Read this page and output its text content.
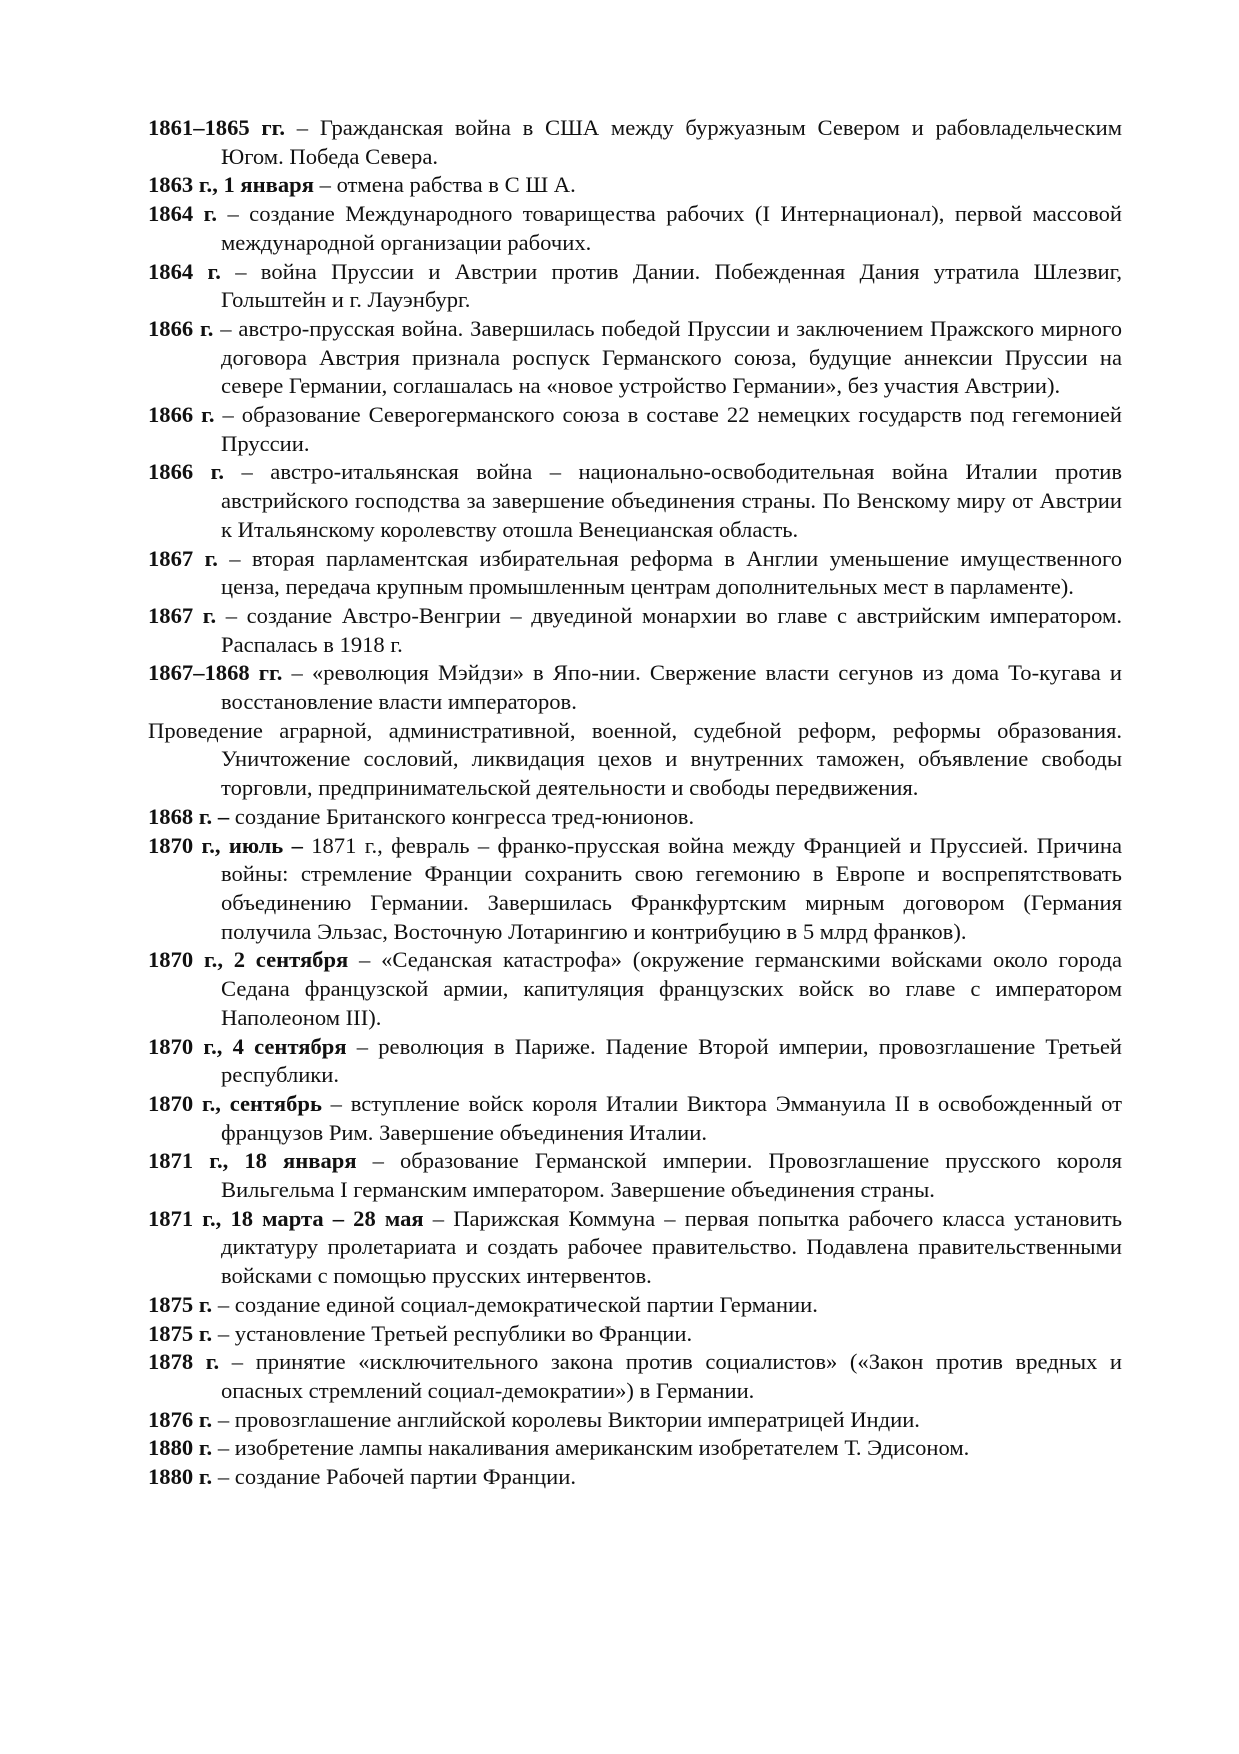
1861–1865 гг. – Гражданская война в США между буржуазным Севером и рабовладельческим Югом. Победа Севера.

1863 г., 1 января – отмена рабства в С Ш А.

1864 г. – создание Международного товарищества рабочих (I Интернационал), первой массовой международной организации рабочих.

1864 г. – война Пруссии и Австрии против Дании. Побежденная Дания утратила Шлезвиг, Гольштейн и г. Лауэнбург.

1866 г. – австро-прусская война. Завершилась победой Пруссии и заключением Пражского мирного договора Австрия признала роспуск Германского союза, будущие аннексии Пруссии на севере Германии, соглашалась на «новое устройство Германии», без участия Австрии).

1866 г. – образование Северогерманского союза в составе 22 немецких государств под гегемонией Пруссии.

1866 г. – австро-итальянская война – национально-освободительная война Италии против австрийского господства за завершение объединения страны. По Венскому миру от Австрии к Итальянскому королевству отошла Венецианская область.

1867 г. – вторая парламентская избирательная реформа в Англии уменьшение имущественного ценза, передача крупным промышленным центрам дополнительных мест в парламенте).

1867 г. – создание Австро-Венгрии – двуединой монархии во главе с австрийским императором. Распалась в 1918 г.

1867–1868 гг. – «революция Мэйдзи» в Япо-нии. Свержение власти сегунов из дома То-кугава и восстановление власти императоров.

Проведение аграрной, административной, военной, судебной реформ, реформы образования. Уничтожение сословий, ликвидация цехов и внутренних таможен, объявление свободы торговли, предпринимательской деятельности и свободы передвижения.

1868 г. – создание Британского конгресса тред-юнионов.

1870 г., июль – 1871 г., февраль – франко-прусская война между Францией и Пруссией. Причина войны: стремление Франции сохранить свою гегемонию в Европе и воспрепятствовать объединению Германии. Завершилась Франкфуртским мирным договором (Германия получила Эльзас, Восточную Лотарингию и контрибуцию в 5 млрд франков).

1870 г., 2 сентября – «Седанская катастрофа» (окружение германскими войсками около города Седана французской армии, капитуляция французских войск во главе с императором Наполеоном III).

1870 г., 4 сентября – революция в Париже. Падение Второй империи, провозглашение Третьей республики.

1870 г., сентябрь – вступление войск короля Италии Виктора Эммануила II в освобожденный от французов Рим. Завершение объединения Италии.

1871 г., 18 января – образование Германской империи. Провозглашение прусского короля Вильгельма I германским императором. Завершение объединения страны.

1871 г., 18 марта – 28 мая – Парижская Коммуна – первая попытка рабочего класса установить диктатуру пролетариата и создать рабочее правительство. Подавлена правительственными войсками с помощью прусских интервентов.

1875 г. – создание единой социал-демократической партии Германии.

1875 г. – установление Третьей республики во Франции.

1878 г. – принятие «исключительного закона против социалистов» («Закон против вредных и опасных стремлений социал-демократии») в Германии.

1876 г. – провозглашение английской королевы Виктории императрицей Индии.

1880 г. – изобретение лампы накаливания американским изобретателем Т. Эдисоном.

1880 г. – создание Рабочей партии Франции.
